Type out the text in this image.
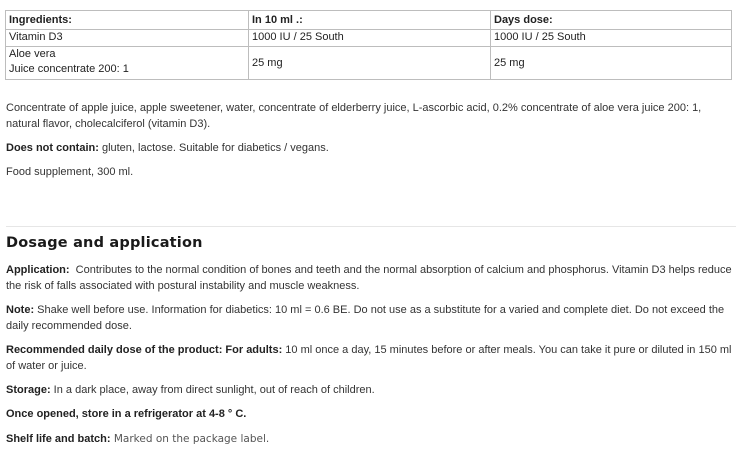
Ingredients:	In 10 ml .:	Days dose:
Vitamin D3	1000 IU / 25 South	1000 IU / 25 South

Aloe vera
Juice concentrate 200: 1	25 mg	25 mg
Concentrate of apple juice, apple sweetener, water, concentrate of elderberry juice, L-ascorbic acid, 0.2% concentrate of aloe vera juice 200: 1, natural flavor, cholecalciferol (vitamin D3).
Does not contain: gluten, lactose. Suitable for diabetics / vegans.
Food supplement, 300 ml.
Dosage and application
Application:  Contributes to the normal condition of bones and teeth and the normal absorption of calcium and phosphorus. Vitamin D3 helps reduce the risk of falls associated with postural instability and muscle weakness.
Note: Shake well before use. Information for diabetics: 10 ml = 0.6 BE. Do not use as a substitute for a varied and complete diet. Do not exceed the daily recommended dose.
Recommended daily dose of the product: For adults: 10 ml once a day, 15 minutes before or after meals. You can take it pure or diluted in 150 ml of water or juice.
Storage: In a dark place, away from direct sunlight, out of reach of children.
Once opened, store in a refrigerator at 4-8 ° C.
Shelf life and batch: Marked on the package label.
